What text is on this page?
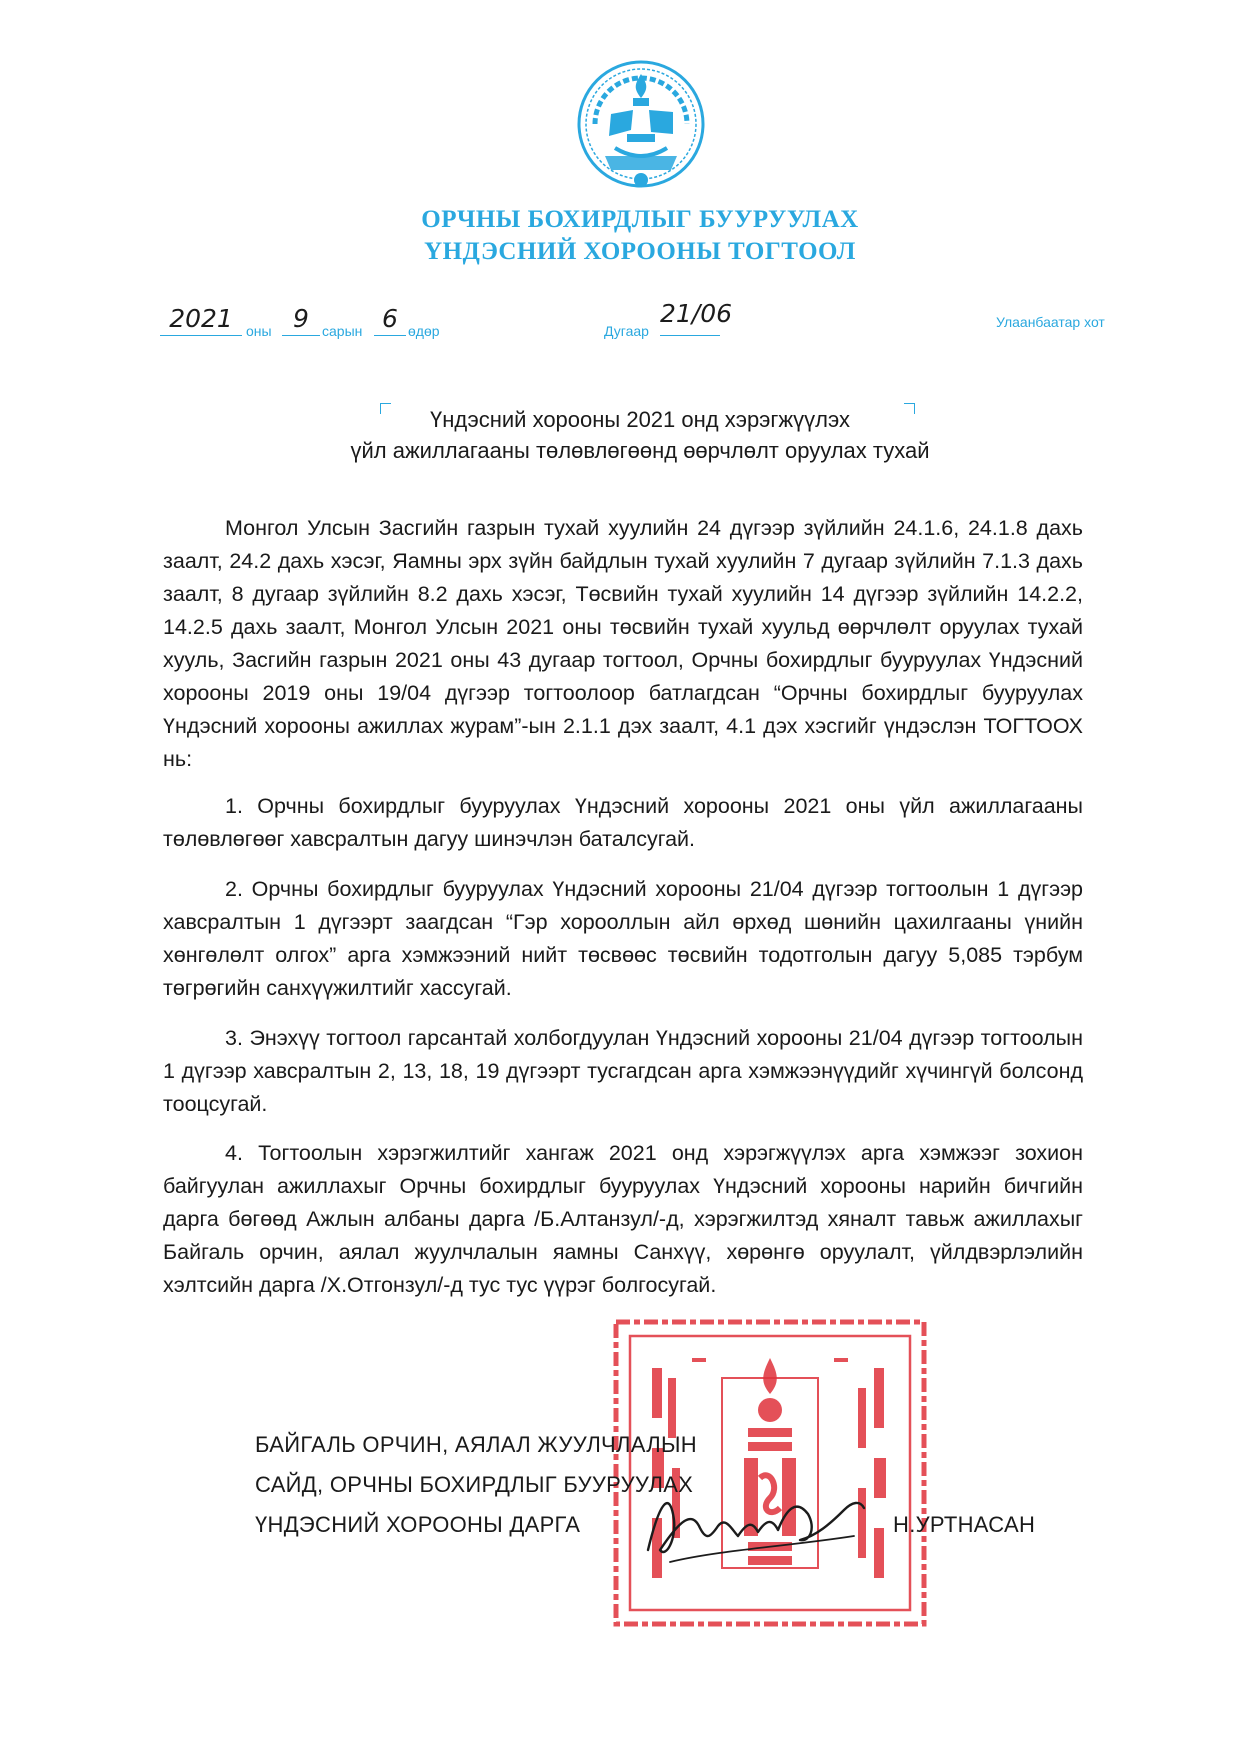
ОРЧНЫ БОХИРДЛЫГ БУУРУУЛАХ

ҮНДЭСНИЙ ХОРООНЫ ТОГТООЛ

2021 оны 9 сарын 6 өдөр	Дугаар
21/06	Улаанбаатар хот

Үндэсний хорооны 2021 онд хэрэгжүүлэх

үйл ажиллагааны төлөвлөгөөнд өөрчлөлт оруулах тухай

Монгол Улсын Засгийн газрын тухай хуулийн 24 дүгээр зүйлийн 24.1.6, 24.1.8 дахь заалт, 24.2 дахь хэсэг, Яамны эрх зүйн байдлын тухай хуулийн 7 дугаар зүйлийн 7.1.3 дахь заалт, 8 дугаар зүйлийн 8.2 дахь хэсэг, Төсвийн тухай хуулийн 14 дүгээр зүйлийн 14.2.2, 14.2.5 дахь заалт, Монгол Улсын 2021 оны төсвийн тухай хуульд өөрчлөлт оруулах тухай хууль, Засгийн газрын 2021 оны 43 дугаар тогтоол, Орчны бохирдлыг бууруулах Үндэсний хорооны 2019 оны 19/04 дүгээр тогтоолоор батлагдсан “Орчны бохирдлыг бууруулах Үндэсний хорооны ажиллах журам”-ын 2.1.1 дэх заалт, 4.1 дэх хэсгийг үндэслэн ТОГТООХ нь:

1. Орчны бохирдлыг бууруулах Үндэсний хорооны 2021 оны үйл ажиллагааны төлөвлөгөөг хавсралтын дагуу шинэчлэн баталсугай.

2. Орчны бохирдлыг бууруулах Үндэсний хорооны 21/04 дүгээр тогтоолын 1 дүгээр хавсралтын 1 дүгээрт заагдсан “Гэр хорооллын айл өрхөд шөнийн цахилгааны үнийн хөнгөлөлт олгох” арга хэмжээний нийт төсвөөс төсвийн тодотголын дагуу 5,085 тэрбум төгрөгийн санхүүжилтийг хассугай.

3. Энэхүү тогтоол гарсантай холбогдуулан Үндэсний хорооны 21/04 дүгээр тогтоолын 1 дүгээр хавсралтын 2, 13, 18, 19 дүгээрт тусгагдсан арга хэмжээнүүдийг хүчингүй болсонд тооцсугай.

4. Тогтоолын хэрэгжилтийг хангаж 2021 онд хэрэгжүүлэх арга хэмжээг зохион байгуулан ажиллахыг Орчны бохирдлыг бууруулах Үндэсний хорооны нарийн бичгийн дарга бөгөөд Ажлын албаны дарга /Б.Алтанзул/-д, хэрэгжилтэд хяналт тавьж ажиллахыг Байгаль орчин, аялал жуулчлалын яамны Санхүү, хөрөнгө оруулалт, үйлдвэрлэлийн хэлтсийн дарга /Х.Отгонзул/-д тус тус үүрэг болгосугай.

БАЙГАЛЬ ОРЧИН, АЯЛАЛ ЖУУЛЧЛАЛЫН

САЙД, ОРЧНЫ БОХИРДЛЫГ БУУРУУЛАХ

ҮНДЭСНИЙ ХОРООНЫ ДАРГА	Н.УРТНАСАН
